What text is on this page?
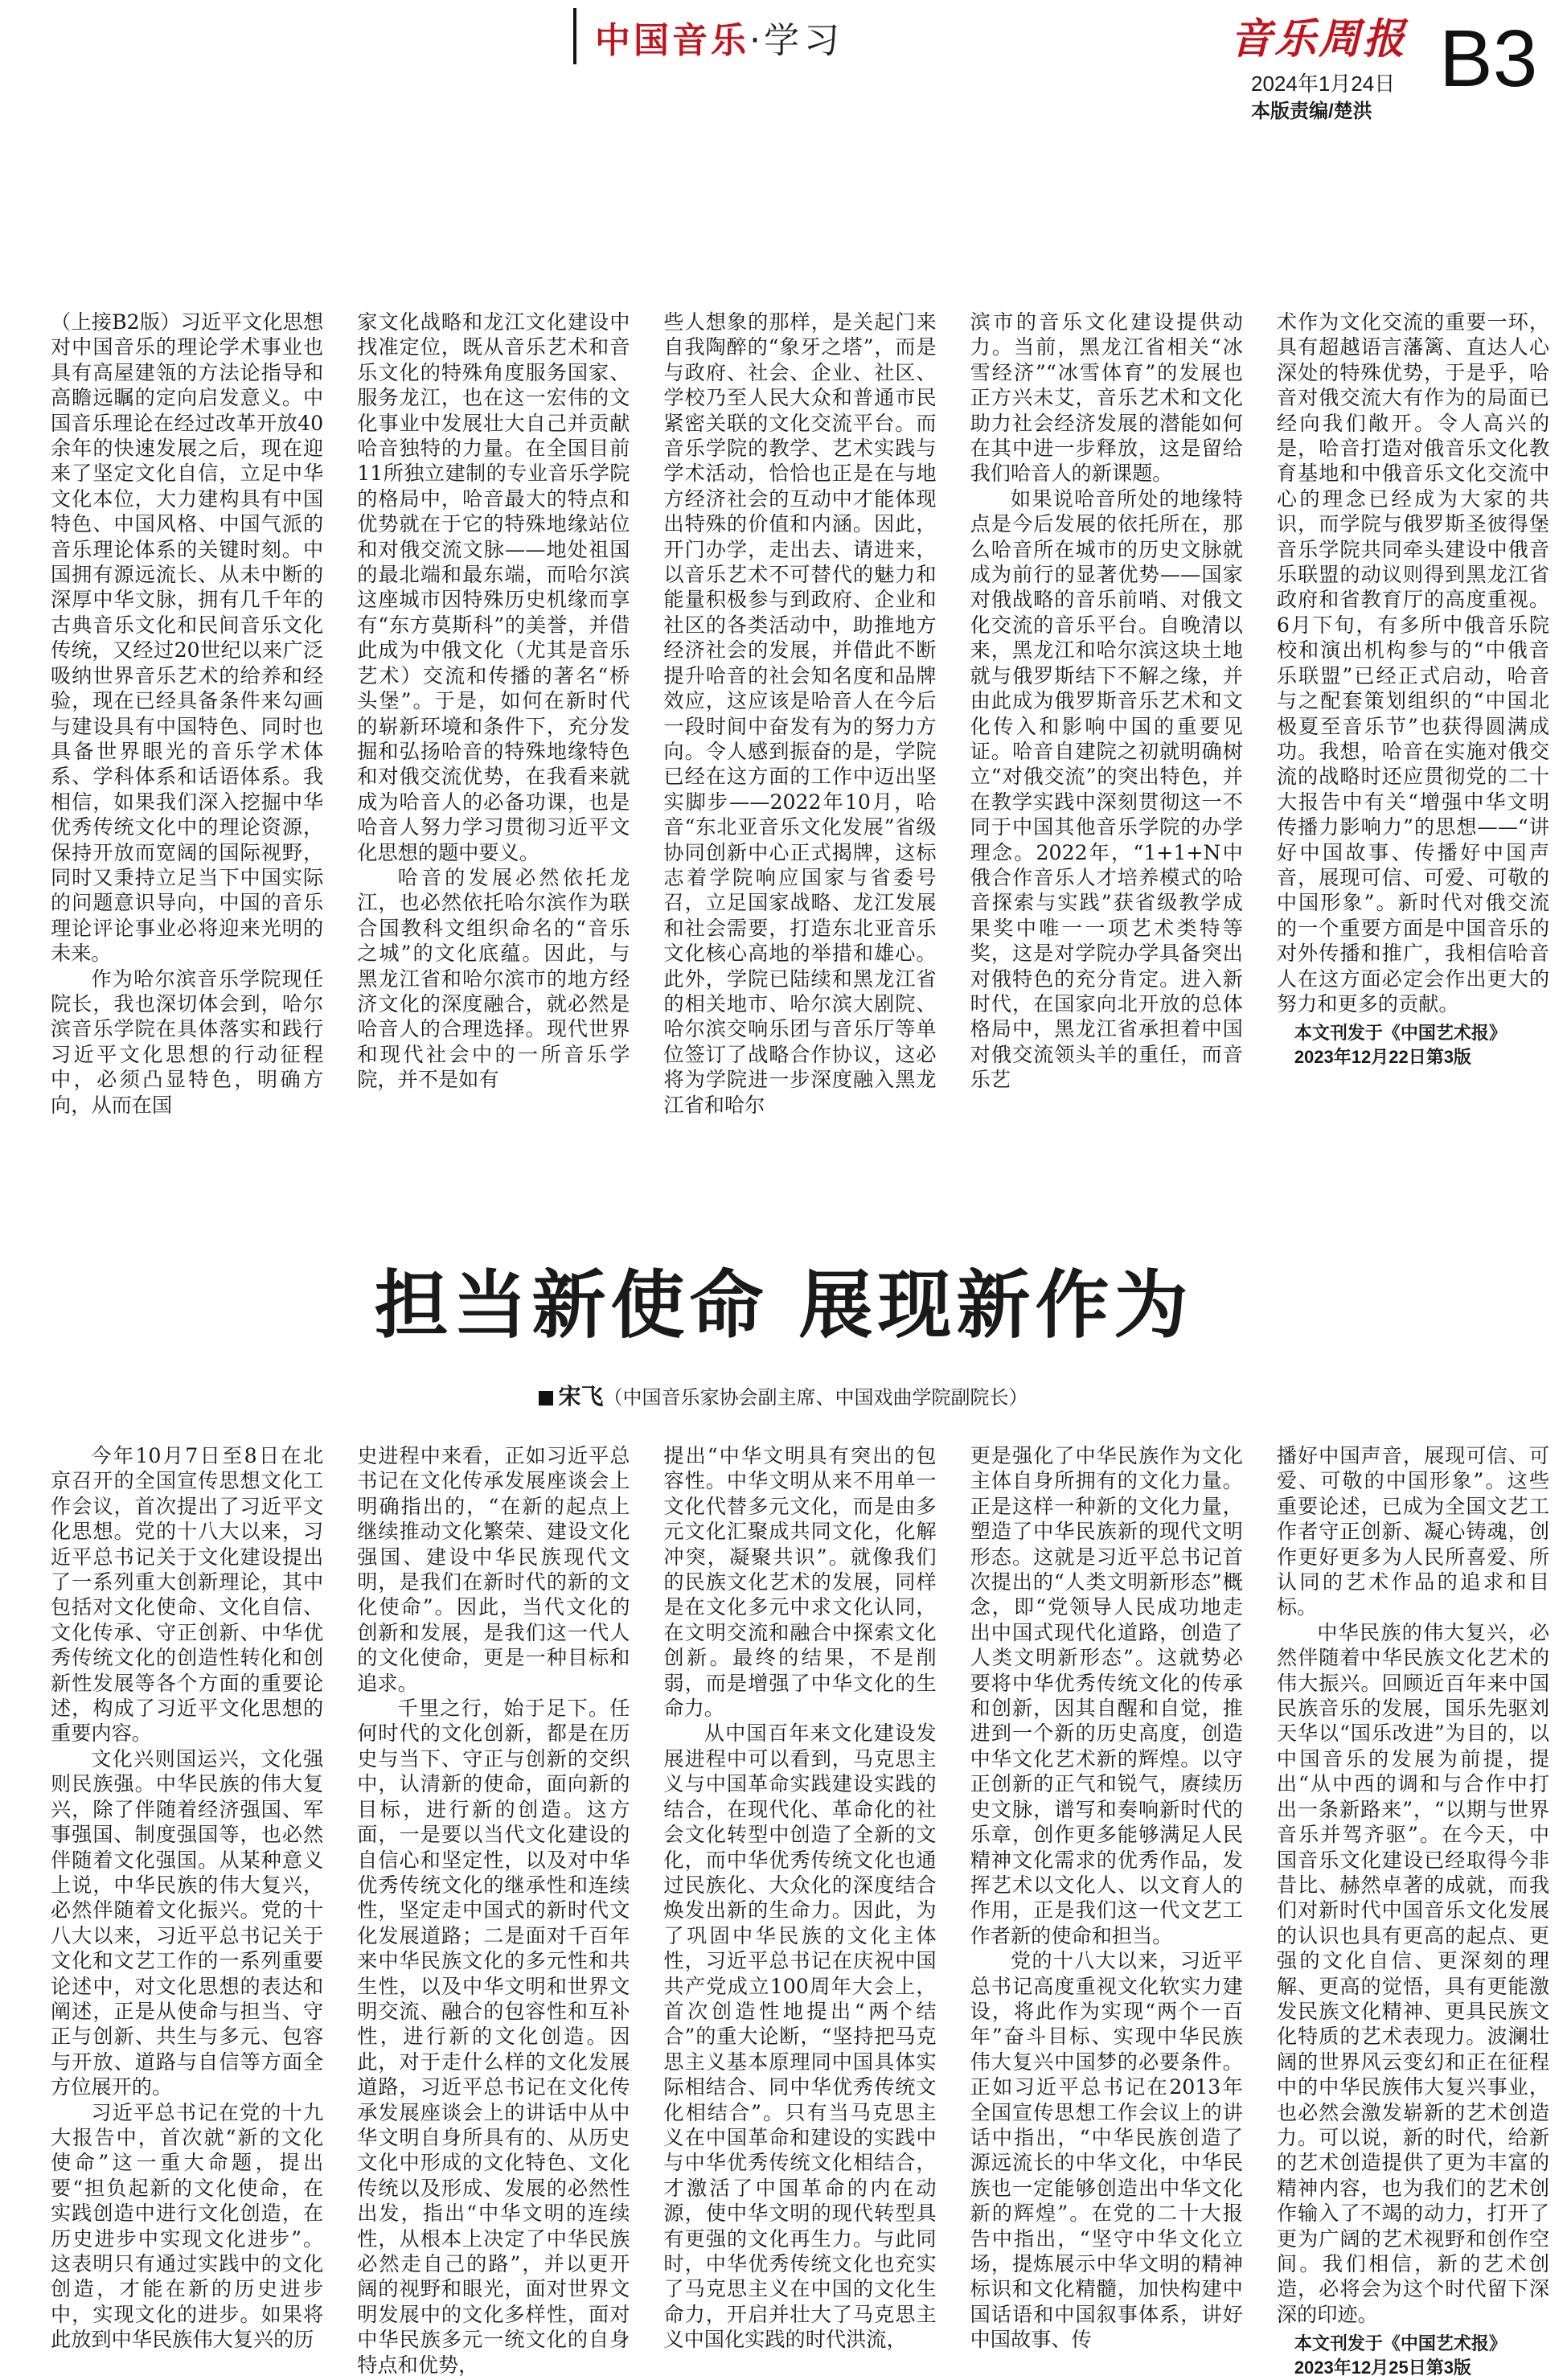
中国音乐·学习	音乐周报
2024年1月24日
本版责编/楚洪
B3

（上接B2版）习近平文化思想对中国音乐的理论学术事业也具有高屋建瓴的方法论指导和高瞻远瞩的定向启发意义。中国音乐理论在经过改革开放40余年的快速发展之后，现在迎来了坚定文化自信，立足中华文化本位，大力建构具有中国特色、中国风格、中国气派的音乐理论体系的关键时刻。中国拥有源远流长、从未中断的深厚中华文脉，拥有几千年的古典音乐文化和民间音乐文化传统，又经过20世纪以来广泛吸纳世界音乐艺术的给养和经验，现在已经具备条件来勾画与建设具有中国特色、同时也具备世界眼光的音乐学术体系、学科体系和话语体系。我相信，如果我们深入挖掘中华优秀传统文化中的理论资源，保持开放而宽阔的国际视野，同时又秉持立足当下中国实际的问题意识导向，中国的音乐理论评论事业必将迎来光明的未来。

作为哈尔滨音乐学院现任院长，我也深切体会到，哈尔滨音乐学院在具体落实和践行习近平文化思想的行动征程中，必须凸显特色，明确方向，从而在国

家文化战略和龙江文化建设中找准定位，既从音乐艺术和音乐文化的特殊角度服务国家、服务龙江，也在这一宏伟的文化事业中发展壮大自己并贡献哈音独特的力量。在全国目前11所独立建制的专业音乐学院的格局中，哈音最大的特点和优势就在于它的特殊地缘站位和对俄交流文脉——地处祖国的最北端和最东端，而哈尔滨这座城市因特殊历史机缘而享有“东方莫斯科”的美誉，并借此成为中俄文化（尤其是音乐艺术）交流和传播的著名“桥头堡”。于是，如何在新时代的崭新环境和条件下，充分发掘和弘扬哈音的特殊地缘特色和对俄交流优势，在我看来就成为哈音人的必备功课，也是哈音人努力学习贯彻习近平文化思想的题中要义。

哈音的发展必然依托龙江，也必然依托哈尔滨作为联合国教科文组织命名的“音乐之城”的文化底蕴。因此，与黑龙江省和哈尔滨市的地方经济文化的深度融合，就必然是哈音人的合理选择。现代世界和现代社会中的一所音乐学院，并不是如有

些人想象的那样，是关起门来自我陶醉的“象牙之塔”，而是与政府、社会、企业、社区、学校乃至人民大众和普通市民紧密关联的文化交流平台。而音乐学院的教学、艺术实践与学术活动，恰恰也正是在与地方经济社会的互动中才能体现出特殊的价值和内涵。因此，开门办学，走出去、请进来，以音乐艺术不可替代的魅力和能量积极参与到政府、企业和社区的各类活动中，助推地方经济社会的发展，并借此不断提升哈音的社会知名度和品牌效应，这应该是哈音人在今后一段时间中奋发有为的努力方向。令人感到振奋的是，学院已经在这方面的工作中迈出坚实脚步——2022年10月，哈音“东北亚音乐文化发展”省级协同创新中心正式揭牌，这标志着学院响应国家与省委号召，立足国家战略、龙江发展和社会需要，打造东北亚音乐文化核心高地的举措和雄心。此外，学院已陆续和黑龙江省的相关地市、哈尔滨大剧院、哈尔滨交响乐团与音乐厅等单位签订了战略合作协议，这必将为学院进一步深度融入黑龙江省和哈尔

滨市的音乐文化建设提供动力。当前，黑龙江省相关“冰雪经济”“冰雪体育”的发展也正方兴未艾，音乐艺术和文化助力社会经济发展的潜能如何在其中进一步释放，这是留给我们哈音人的新课题。

如果说哈音所处的地缘特点是今后发展的依托所在，那么哈音所在城市的历史文脉就成为前行的显著优势——国家对俄战略的音乐前哨、对俄文化交流的音乐平台。自晚清以来，黑龙江和哈尔滨这块土地就与俄罗斯结下不解之缘，并由此成为俄罗斯音乐艺术和文化传入和影响中国的重要见证。哈音自建院之初就明确树立“对俄交流”的突出特色，并在教学实践中深刻贯彻这一不同于中国其他音乐学院的办学理念。2022年，“1+1+N中俄合作音乐人才培养模式的哈音探索与实践”获省级教学成果奖中唯一一项艺术类特等奖，这是对学院办学具备突出对俄特色的充分肯定。进入新时代，在国家向北开放的总体格局中，黑龙江省承担着中国对俄交流领头羊的重任，而音乐艺

术作为文化交流的重要一环，具有超越语言藩篱、直达人心深处的特殊优势，于是乎，哈音对俄交流大有作为的局面已经向我们敞开。令人高兴的是，哈音打造对俄音乐文化教育基地和中俄音乐文化交流中心的理念已经成为大家的共识，而学院与俄罗斯圣彼得堡音乐学院共同牵头建设中俄音乐联盟的动议则得到黑龙江省政府和省教育厅的高度重视。6月下旬，有多所中俄音乐院校和演出机构参与的“中俄音乐联盟”已经正式启动，哈音与之配套策划组织的“中国北极夏至音乐节”也获得圆满成功。我想，哈音在实施对俄交流的战略时还应贯彻党的二十大报告中有关“增强中华文明传播力影响力”的思想——“讲好中国故事、传播好中国声音，展现可信、可爱、可敬的中国形象”。新时代对俄交流的一个重要方面是中国音乐的对外传播和推广，我相信哈音人在这方面必定会作出更大的努力和更多的贡献。

本文刊发于《中国艺术报》
2023年12月22日第3版
担当新使命 展现新作为
宋飞（中国音乐家协会副主席、中国戏曲学院副院长）

今年10月7日至8日在北京召开的全国宣传思想文化工作会议，首次提出了习近平文化思想。党的十八大以来，习近平总书记关于文化建设提出了一系列重大创新理论，其中包括对文化使命、文化自信、文化传承、守正创新、中华优秀传统文化的创造性转化和创新性发展等各个方面的重要论述，构成了习近平文化思想的重要内容。

文化兴则国运兴，文化强则民族强。中华民族的伟大复兴，除了伴随着经济强国、军事强国、制度强国等，也必然伴随着文化强国。从某种意义上说，中华民族的伟大复兴，必然伴随着文化振兴。党的十八大以来，习近平总书记关于文化和文艺工作的一系列重要论述中，对文化思想的表达和阐述，正是从使命与担当、守正与创新、共生与多元、包容与开放、道路与自信等方面全方位展开的。

习近平总书记在党的十九大报告中，首次就“新的文化使命”这一重大命题，提出要“担负起新的文化使命，在实践创造中进行文化创造，在历史进步中实现文化进步”。这表明只有通过实践中的文化创造，才能在新的历史进步中，实现文化的进步。如果将此放到中华民族伟大复兴的历

史进程中来看，正如习近平总书记在文化传承发展座谈会上明确指出的，“在新的起点上继续推动文化繁荣、建设文化强国、建设中华民族现代文明，是我们在新时代的新的文化使命”。因此，当代文化的创新和发展，是我们这一代人的文化使命，更是一种目标和追求。

千里之行，始于足下。任何时代的文化创新，都是在历史与当下、守正与创新的交织中，认清新的使命，面向新的目标，进行新的创造。这方面，一是要以当代文化建设的自信心和坚定性，以及对中华优秀传统文化的继承性和连续性，坚定走中国式的新时代文化发展道路；二是面对千百年来中华民族文化的多元性和共生性，以及中华文明和世界文明交流、融合的包容性和互补性，进行新的文化创造。因此，对于走什么样的文化发展道路，习近平总书记在文化传承发展座谈会上的讲话中从中华文明自身所具有的、从历史文化中形成的文化特色、文化传统以及形成、发展的必然性出发，指出“中华文明的连续性，从根本上决定了中华民族必然走自己的路”，并以更开阔的视野和眼光，面对世界文明发展中的文化多样性，面对中华民族多元一统文化的自身特点和优势，

提出“中华文明具有突出的包容性。中华文明从来不用单一文化代替多元文化，而是由多元文化汇聚成共同文化，化解冲突，凝聚共识”。就像我们的民族文化艺术的发展，同样是在文化多元中求文化认同，在文明交流和融合中探索文化创新。最终的结果，不是削弱，而是增强了中华文化的生命力。

从中国百年来文化建设发展进程中可以看到，马克思主义与中国革命实践建设实践的结合，在现代化、革命化的社会文化转型中创造了全新的文化，而中华优秀传统文化也通过民族化、大众化的深度结合焕发出新的生命力。因此，为了巩固中华民族的文化主体性，习近平总书记在庆祝中国共产党成立100周年大会上，首次创造性地提出“两个结合”的重大论断，“坚持把马克思主义基本原理同中国具体实际相结合、同中华优秀传统文化相结合”。只有当马克思主义在中国革命和建设的实践中与中华优秀传统文化相结合，才激活了中国革命的内在动源，使中华文明的现代转型具有更强的文化再生力。与此同时，中华优秀传统文化也充实了马克思主义在中国的文化生命力，开启并壮大了马克思主义中国化实践的时代洪流，

更是强化了中华民族作为文化主体自身所拥有的文化力量。正是这样一种新的文化力量，塑造了中华民族新的现代文明形态。这就是习近平总书记首次提出的“人类文明新形态”概念，即“党领导人民成功地走出中国式现代化道路，创造了人类文明新形态”。这就势必要将中华优秀传统文化的传承和创新，因其自醒和自觉，推进到一个新的历史高度，创造中华文化艺术新的辉煌。以守正创新的正气和锐气，赓续历史文脉，谱写和奏响新时代的乐章，创作更多能够满足人民精神文化需求的优秀作品，发挥艺术以文化人、以文育人的作用，正是我们这一代文艺工作者新的使命和担当。

党的十八大以来，习近平总书记高度重视文化软实力建设，将此作为实现“两个一百年”奋斗目标、实现中华民族伟大复兴中国梦的必要条件。正如习近平总书记在2013年全国宣传思想工作会议上的讲话中指出，“中华民族创造了源远流长的中华文化，中华民族也一定能够创造出中华文化新的辉煌”。在党的二十大报告中指出，“坚守中华文化立场，提炼展示中华文明的精神标识和文化精髓，加快构建中国话语和中国叙事体系，讲好中国故事、传

播好中国声音，展现可信、可爱、可敬的中国形象”。这些重要论述，已成为全国文艺工作者守正创新、凝心铸魂，创作更好更多为人民所喜爱、所认同的艺术作品的追求和目标。

中华民族的伟大复兴，必然伴随着中华民族文化艺术的伟大振兴。回顾近百年来中国民族音乐的发展，国乐先驱刘天华以“国乐改进”为目的，以中国音乐的发展为前提，提出“从中西的调和与合作中打出一条新路来”，“以期与世界音乐并驾齐驱”。在今天，中国音乐文化建设已经取得今非昔比、赫然卓著的成就，而我们对新时代中国音乐文化发展的认识也具有更高的起点、更强的文化自信、更深刻的理解、更高的觉悟，具有更能激发民族文化精神、更具民族文化特质的艺术表现力。波澜壮阔的世界风云变幻和正在征程中的中华民族伟大复兴事业，也必然会激发崭新的艺术创造力。可以说，新的时代，给新的艺术创造提供了更为丰富的精神内容，也为我们的艺术创作输入了不竭的动力，打开了更为广阔的艺术视野和创作空间。我们相信，新的艺术创造，必将会为这个时代留下深深的印迹。

本文刊发于《中国艺术报》
2023年12月25日第3版
